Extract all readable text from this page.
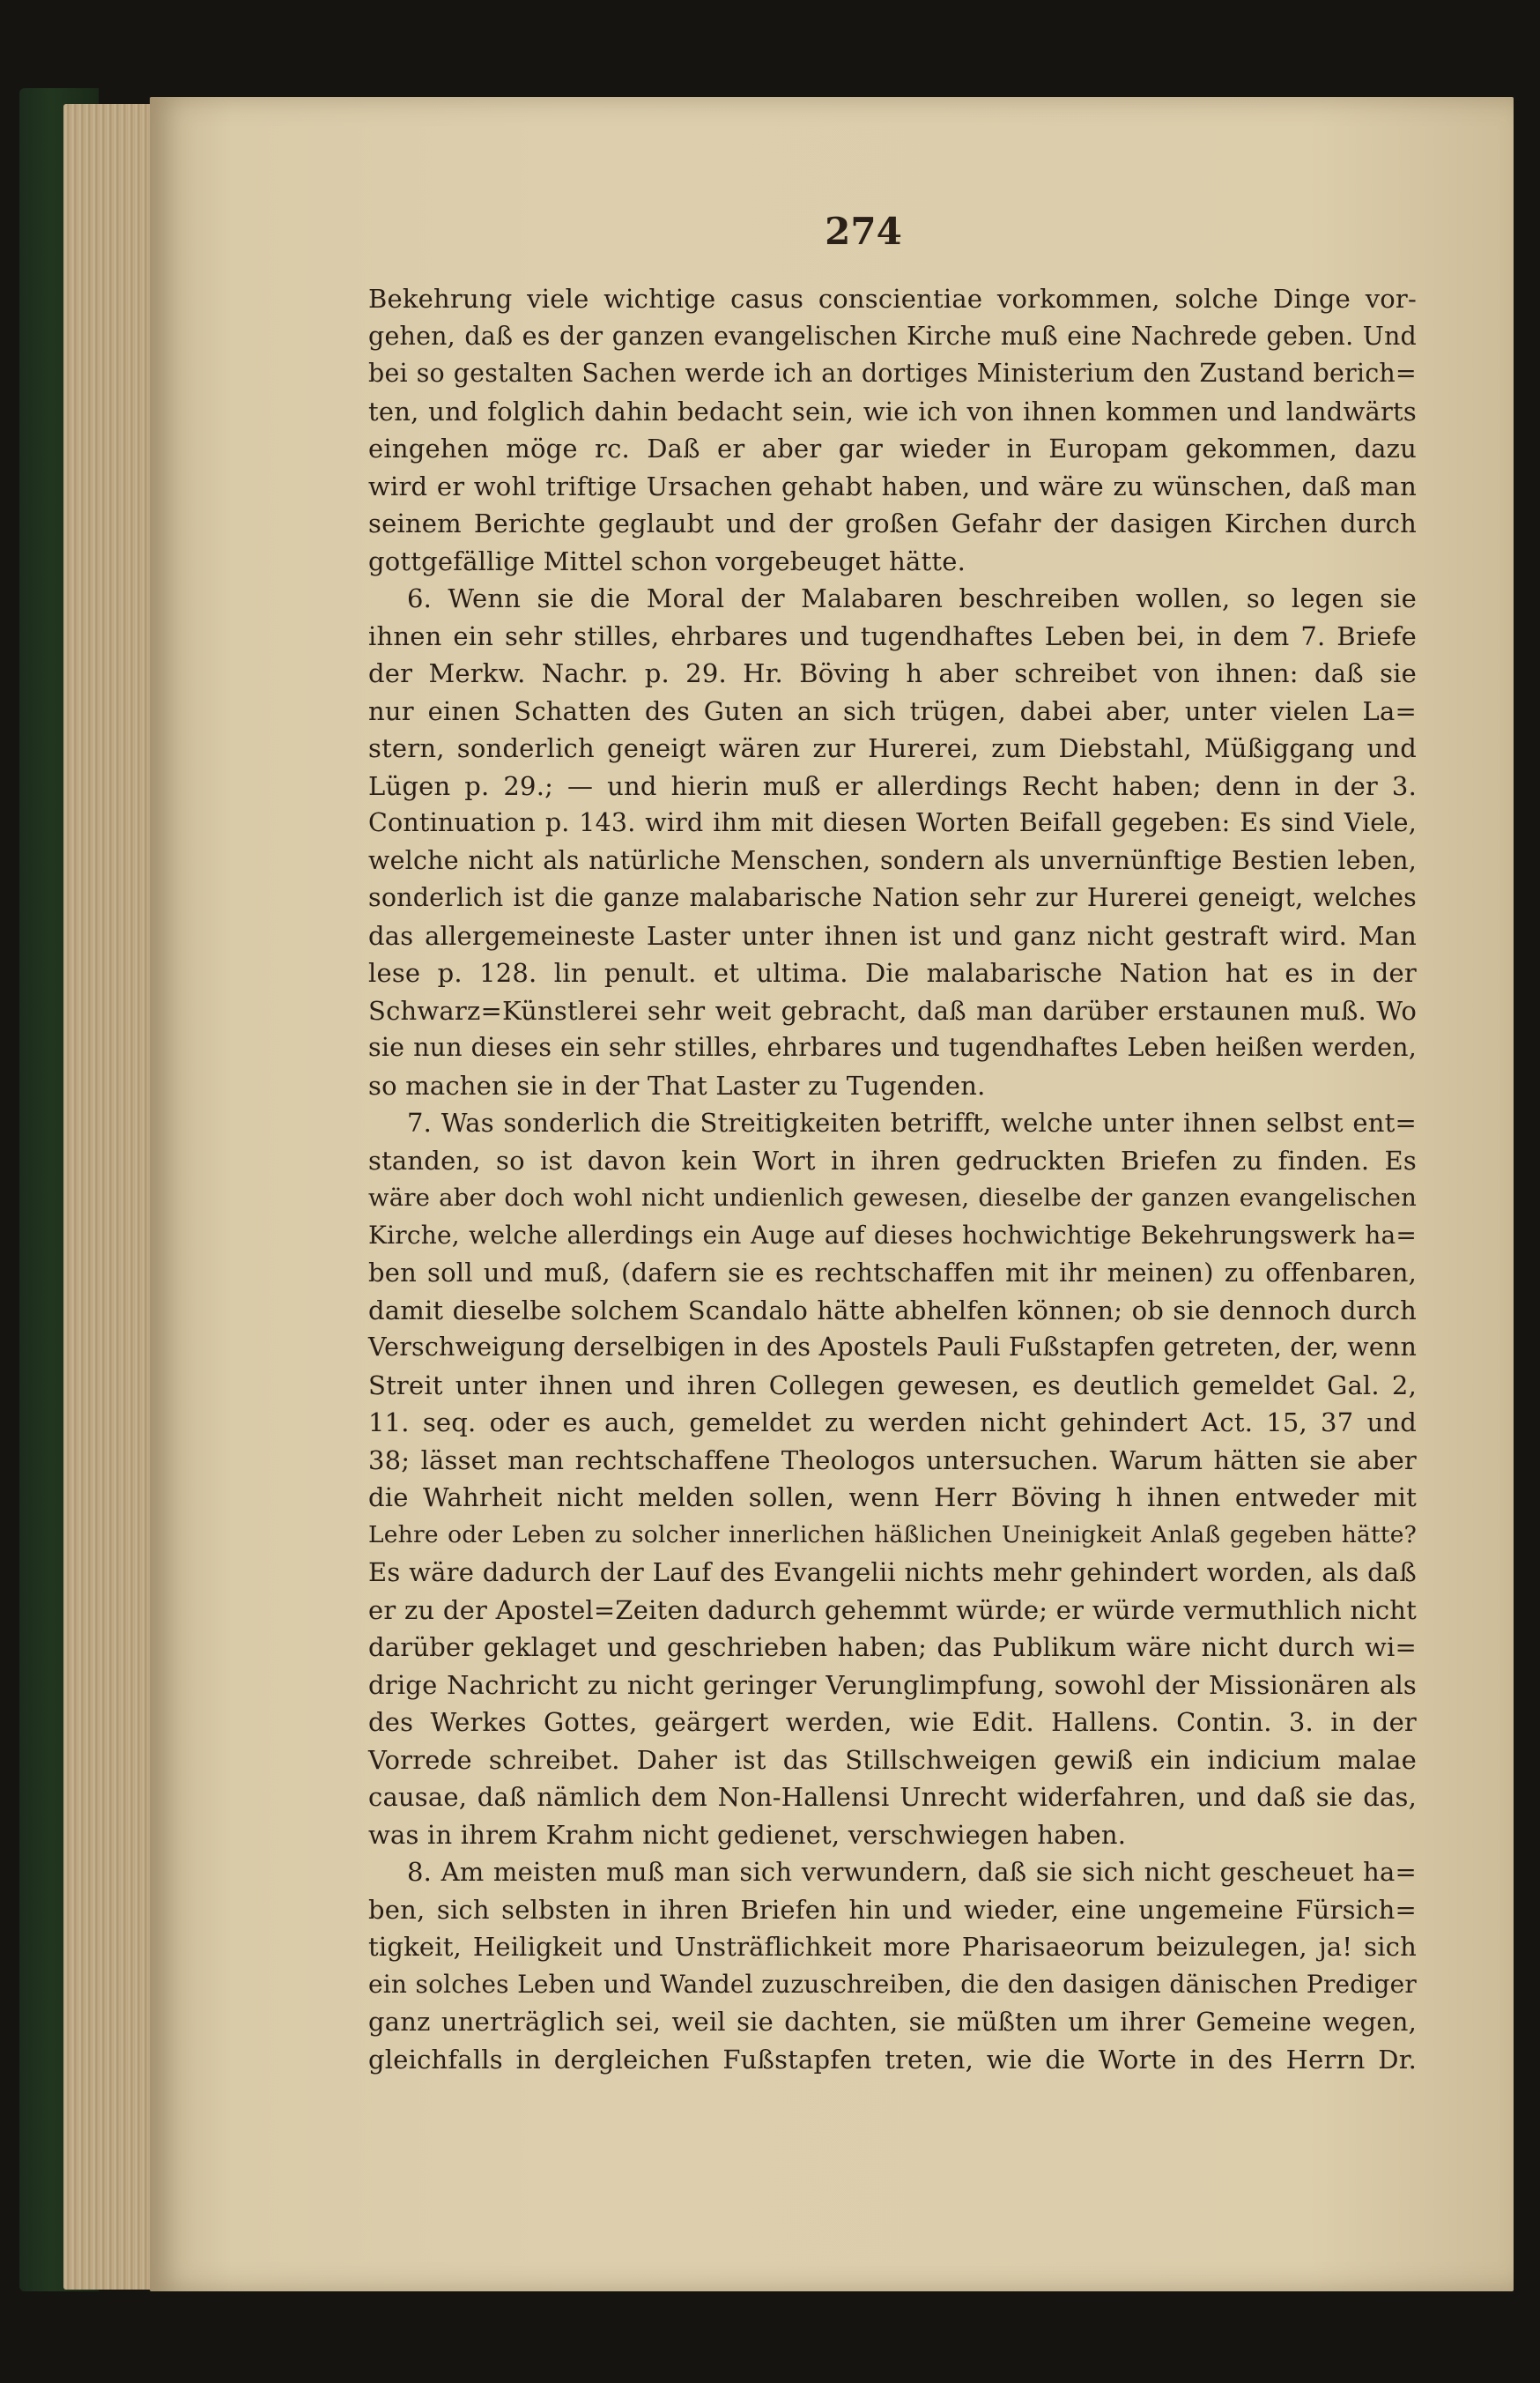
274
Bekehrung viele wichtige casus conscientiae vorkommen, solche Dinge vor-
gehen, daß es der ganzen evangelischen Kirche muß eine Nachrede geben. Und
bei so gestalten Sachen werde ich an dortiges Ministerium den Zustand berich=
ten, und folglich dahin bedacht sein, wie ich von ihnen kommen und landwärts
eingehen möge rc. Daß er aber gar wieder in Europam gekommen, dazu
wird er wohl triftige Ursachen gehabt haben, und wäre zu wünschen, daß man
seinem Berichte geglaubt und der großen Gefahr der dasigen Kirchen durch
gottgefällige Mittel schon vorgebeuget hätte.
6. Wenn sie die Moral der Malabaren beschreiben wollen, so legen sie
ihnen ein sehr stilles, ehrbares und tugendhaftes Leben bei, in dem 7. Briefe
der Merkw. Nachr. p. 29. Hr. Böving h aber schreibet von ihnen: daß sie
nur einen Schatten des Guten an sich trügen, dabei aber, unter vielen La=
stern, sonderlich geneigt wären zur Hurerei, zum Diebstahl, Müßiggang und
Lügen p. 29.; — und hierin muß er allerdings Recht haben; denn in der 3.
Continuation p. 143. wird ihm mit diesen Worten Beifall gegeben: Es sind Viele,
welche nicht als natürliche Menschen, sondern als unvernünftige Bestien leben,
sonderlich ist die ganze malabarische Nation sehr zur Hurerei geneigt, welches
das allergemeineste Laster unter ihnen ist und ganz nicht gestraft wird. Man
lese p. 128. lin penult. et ultima. Die malabarische Nation hat es in der
Schwarz=Künstlerei sehr weit gebracht, daß man darüber erstaunen muß. Wo
sie nun dieses ein sehr stilles, ehrbares und tugendhaftes Leben heißen werden,
so machen sie in der That Laster zu Tugenden.
7. Was sonderlich die Streitigkeiten betrifft, welche unter ihnen selbst ent=
standen, so ist davon kein Wort in ihren gedruckten Briefen zu finden. Es
wäre aber doch wohl nicht undienlich gewesen, dieselbe der ganzen evangelischen
Kirche, welche allerdings ein Auge auf dieses hochwichtige Bekehrungswerk ha=
ben soll und muß, (dafern sie es rechtschaffen mit ihr meinen) zu offenbaren,
damit dieselbe solchem Scandalo hätte abhelfen können; ob sie dennoch durch
Verschweigung derselbigen in des Apostels Pauli Fußstapfen getreten, der, wenn
Streit unter ihnen und ihren Collegen gewesen, es deutlich gemeldet Gal. 2,
11. seq. oder es auch, gemeldet zu werden nicht gehindert Act. 15, 37 und
38; lässet man rechtschaffene Theologos untersuchen. Warum hätten sie aber
die Wahrheit nicht melden sollen, wenn Herr Böving h ihnen entweder mit
Lehre oder Leben zu solcher innerlichen häßlichen Uneinigkeit Anlaß gegeben hätte?
Es wäre dadurch der Lauf des Evangelii nichts mehr gehindert worden, als daß
er zu der Apostel=Zeiten dadurch gehemmt würde; er würde vermuthlich nicht
darüber geklaget und geschrieben haben; das Publikum wäre nicht durch wi=
drige Nachricht zu nicht geringer Verunglimpfung, sowohl der Missionären als
des Werkes Gottes, geärgert werden, wie Edit. Hallens. Contin. 3. in der
Vorrede schreibet. Daher ist das Stillschweigen gewiß ein indicium malae
causae, daß nämlich dem Non-Hallensi Unrecht widerfahren, und daß sie das,
was in ihrem Krahm nicht gedienet, verschwiegen haben.
8. Am meisten muß man sich verwundern, daß sie sich nicht gescheuet ha=
ben, sich selbsten in ihren Briefen hin und wieder, eine ungemeine Fürsich=
tigkeit, Heiligkeit und Unsträflichkeit more Pharisaeorum beizulegen, ja! sich
ein solches Leben und Wandel zuzuschreiben, die den dasigen dänischen Prediger
ganz unerträglich sei, weil sie dachten, sie müßten um ihrer Gemeine wegen,
gleichfalls in dergleichen Fußstapfen treten, wie die Worte in des Herrn Dr.
